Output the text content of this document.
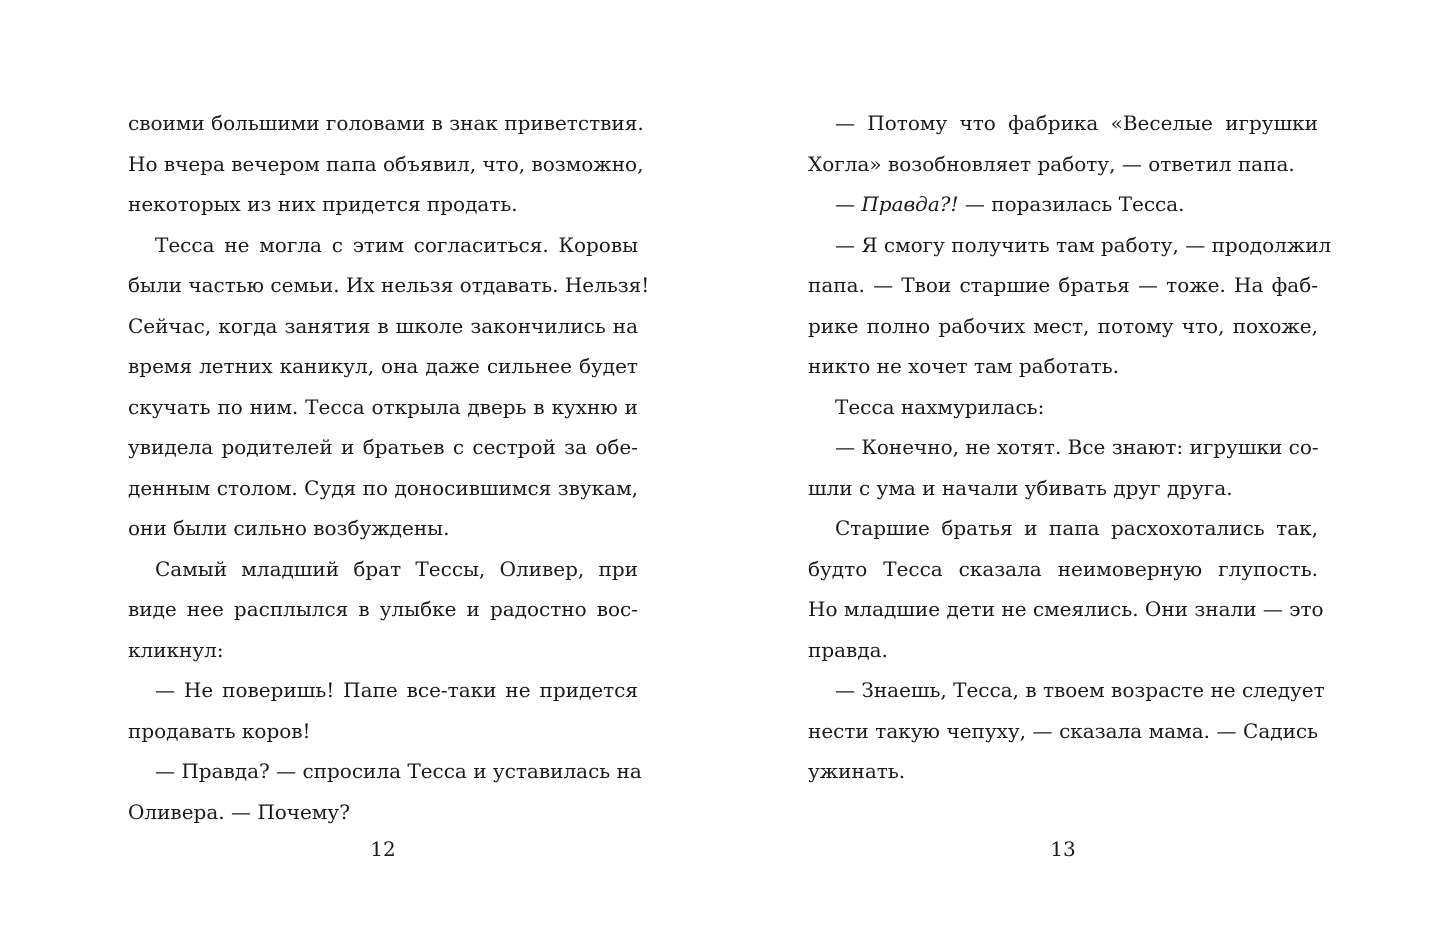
своими большими головами в знак приветствия.
Но вчера вечером папа объявил, что, возможно,
некоторых из них придется продать.
Тесса не могла с этим согласиться. Коровы
были частью семьи. Их нельзя отдавать. Нельзя!
Сейчас, когда занятия в школе закончились на
время летних каникул, она даже сильнее будет
скучать по ним. Тесса открыла дверь в кухню и
увидела родителей и братьев с сестрой за обе-
денным столом. Судя по доносившимся звукам,
они были сильно возбуждены.
Самый младший брат Тессы, Оливер, при
виде нее расплылся в улыбке и радостно вос-
кликнул:
— Не поверишь! Папе все-таки не придется
продавать коров!
— Правда? — спросила Тесса и уставилась на
Оливера. — Почему?
12
— Потому что фабрика «Веселые игрушки
Хогла» возобновляет работу, — ответил папа.
— Правда?! — поразилась Тесса.
— Я смогу получить там работу, — продолжил
папа. — Твои старшие братья — тоже. На фаб-
рике полно рабочих мест, потому что, похоже,
никто не хочет там работать.
Тесса нахмурилась:
— Конечно, не хотят. Все знают: игрушки со-
шли с ума и начали убивать друг друга.
Старшие братья и папа расхохотались так,
будто Тесса сказала неимоверную глупость.
Но младшие дети не смеялись. Они знали — это
правда.
— Знаешь, Тесса, в твоем возрасте не следует
нести такую чепуху, — сказала мама. — Садись
ужинать.
13
